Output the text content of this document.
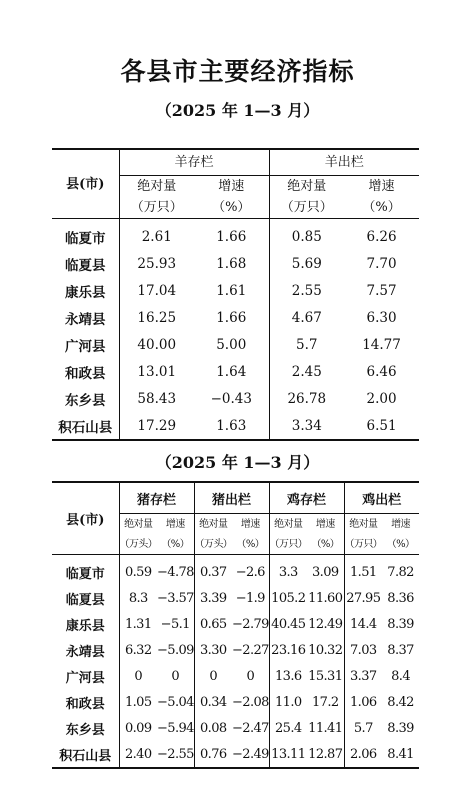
各县市主要经济指标
（2025 年 1—3 月）
县(市)	羊存栏		羊出栏	
	绝对量	增速	绝对量	增速
	（万只）	（%）	（万只）	（%）
临夏市	2.61	1.66	0.85	6.26
临夏县	25.93	1.68	5.69	7.70
康乐县	17.04	1.61	2.55	7.57
永靖县	16.25	1.66	4.67	6.30
广河县	40.00	5.00	5.7	14.77
和政县	13.01	1.64	2.45	6.46
东乡县	58.43	−0.43	26.78	2.00
积石山县	17.29	1.63	3.34	6.51
（2025 年 1—3 月）
县(市)	猪存栏		猪出栏		鸡存栏		鸡出栏	
	绝对量	增速	绝对量	增速	绝对量	增速	绝对量	增速
	（万头）	（%）	（万头）	（%）	（万只）	（%）	（万只）	（%）
临夏市	0.59	−4.78	0.37	−2.6	3.3	3.09	1.51	7.82
临夏县	8.3	−3.57	3.39	−1.9	105.2	11.60	27.95	8.36
康乐县	1.31	−5.1	0.65	−2.79	40.45	12.49	14.4	8.39
永靖县	6.32	−5.09	3.30	−2.27	23.16	10.32	7.03	8.37
广河县	0	0	0	0	13.6	15.31	3.37	8.4
和政县	1.05	−5.04	0.34	−2.08	11.0	17.2	1.06	8.42
东乡县	0.09	−5.94	0.08	−2.47	25.4	11.41	5.7	8.39
积石山县	2.40	−2.55	0.76	−2.49	13.11	12.87	2.06	8.41
